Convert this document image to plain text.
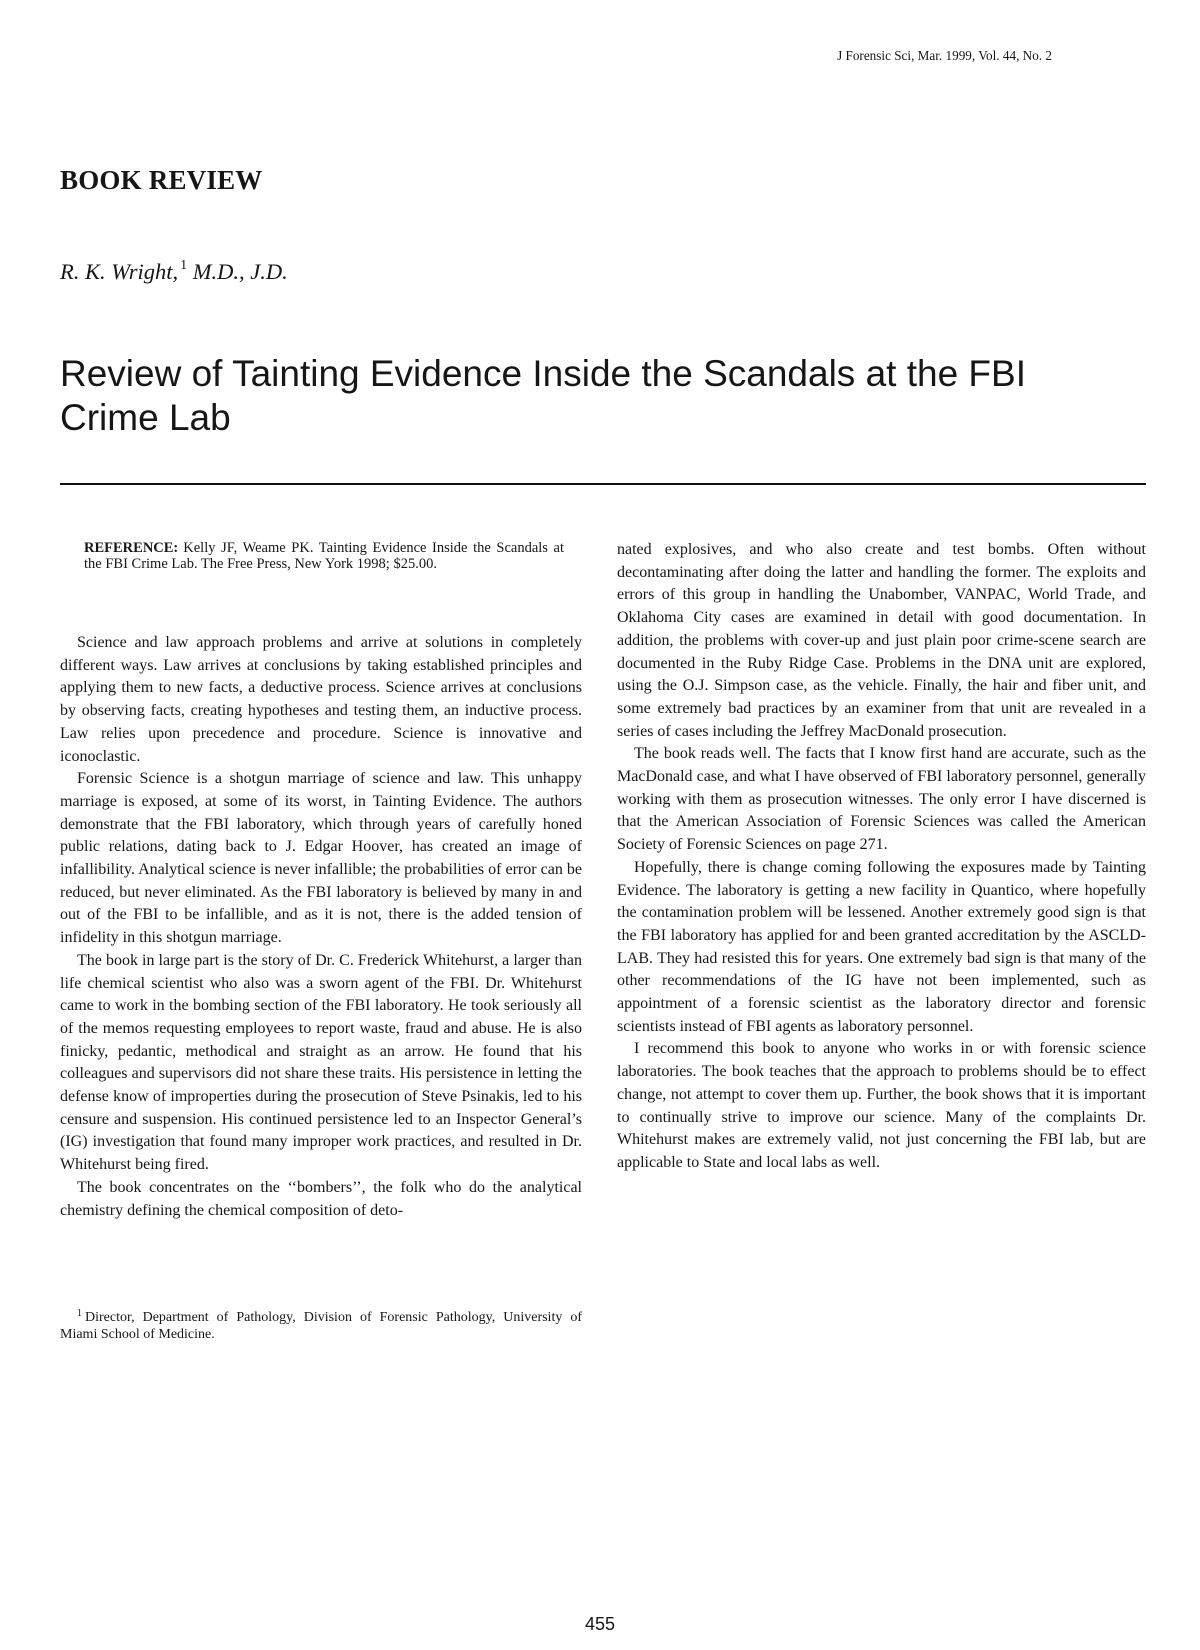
J Forensic Sci, Mar. 1999, Vol. 44, No. 2
BOOK REVIEW
R. K. Wright, $^1$ M.D., J.D.
Review of Tainting Evidence Inside the Scandals at the FBI Crime Lab
REFERENCE: Kelly JF, Weame PK. Tainting Evidence Inside the Scandals at the FBI Crime Lab. The Free Press, New York 1998; $25.00.

Science and law approach problems and arrive at solutions in completely different ways. Law arrives at conclusions by taking established principles and applying them to new facts, a deductive process. Science arrives at conclusions by observing facts, creating hypotheses and testing them, an inductive process. Law relies upon precedence and procedure. Science is innovative and iconoclastic.

Forensic Science is a shotgun marriage of science and law. This unhappy marriage is exposed, at some of its worst, in Tainting Evidence. The authors demonstrate that the FBI laboratory, which through years of carefully honed public relations, dating back to J. Edgar Hoover, has created an image of infallibility. Analytical science is never infallible; the probabilities of error can be reduced, but never eliminated. As the FBI laboratory is believed by many in and out of the FBI to be infallible, and as it is not, there is the added tension of infidelity in this shotgun marriage.

The book in large part is the story of Dr. C. Frederick Whitehurst, a larger than life chemical scientist who also was a sworn agent of the FBI. Dr. Whitehurst came to work in the bombing section of the FBI laboratory. He took seriously all of the memos requesting employees to report waste, fraud and abuse. He is also finicky, pedantic, methodical and straight as an arrow. He found that his colleagues and supervisors did not share these traits. His persistence in letting the defense know of improperties during the prosecution of Steve Psinakis, led to his censure and suspension. His continued persistence led to an Inspector General’s (IG) investigation that found many improper work practices, and resulted in Dr. Whitehurst being fired.

The book concentrates on the ‘‘bombers’’, the folk who do the analytical chemistry defining the chemical composition of deto-

$^1$ Director, Department of Pathology, Division of Forensic Pathology, University of Miami School of Medicine.

nated explosives, and who also create and test bombs. Often without decontaminating after doing the latter and handling the former. The exploits and errors of this group in handling the Unabomber, VANPAC, World Trade, and Oklahoma City cases are examined in detail with good documentation. In addition, the problems with cover-up and just plain poor crime-scene search are documented in the Ruby Ridge Case. Problems in the DNA unit are explored, using the O.J. Simpson case, as the vehicle. Finally, the hair and fiber unit, and some extremely bad practices by an examiner from that unit are revealed in a series of cases including the Jeffrey MacDonald prosecution.

The book reads well. The facts that I know first hand are accurate, such as the MacDonald case, and what I have observed of FBI laboratory personnel, generally working with them as prosecution witnesses. The only error I have discerned is that the American Association of Forensic Sciences was called the American Society of Forensic Sciences on page 271.

Hopefully, there is change coming following the exposures made by Tainting Evidence. The laboratory is getting a new facility in Quantico, where hopefully the contamination problem will be lessened. Another extremely good sign is that the FBI laboratory has applied for and been granted accreditation by the ASCLD-LAB. They had resisted this for years. One extremely bad sign is that many of the other recommendations of the IG have not been implemented, such as appointment of a forensic scientist as the laboratory director and forensic scientists instead of FBI agents as laboratory personnel.

I recommend this book to anyone who works in or with forensic science laboratories. The book teaches that the approach to problems should be to effect change, not attempt to cover them up. Further, the book shows that it is important to continually strive to improve our science. Many of the complaints Dr. Whitehurst makes are extremely valid, not just concerning the FBI lab, but are applicable to State and local labs as well.

455
